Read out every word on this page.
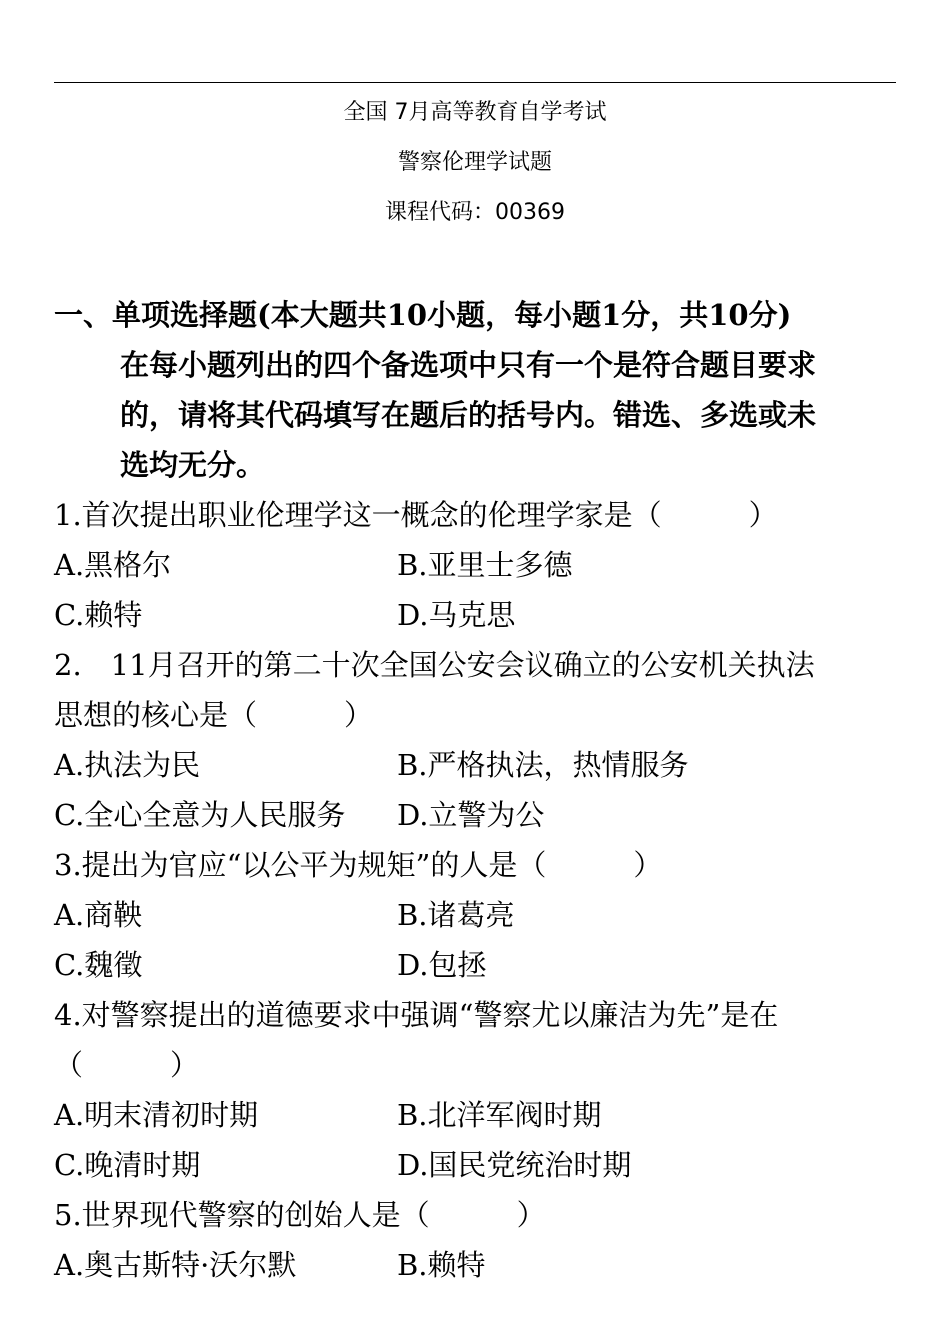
全国 7月高等教育自学考试
警察伦理学试题
课程代码：00369
一、单项选择题(本大题共10小题，每小题1分，共10分)
在每小题列出的四个备选项中只有一个是符合题目要求
的，请将其代码填写在题后的括号内。错选、多选或未
选均无分。
1.首次提出职业伦理学这一概念的伦理学家是（　　　）
A.黑格尔	B.亚里士多德
C.赖特	D.马克思
2.　11月召开的第二十次全国公安会议确立的公安机关执法
思想的核心是（　　　）
A.执法为民	B.严格执法，热情服务
C.全心全意为人民服务 D.立警为公
3.提出为官应“以公平为规矩”的人是（　　　）
A.商鞅	B.诸葛亮
C.魏徵	D.包拯
4.对警察提出的道德要求中强调“警察尤以廉洁为先”是在
（　　　）
A.明末清初时期	B.北洋军阀时期
C.晚清时期	D.国民党统治时期
5.世界现代警察的创始人是（　　　）
A.奥古斯特·沃尔默	B.赖特
